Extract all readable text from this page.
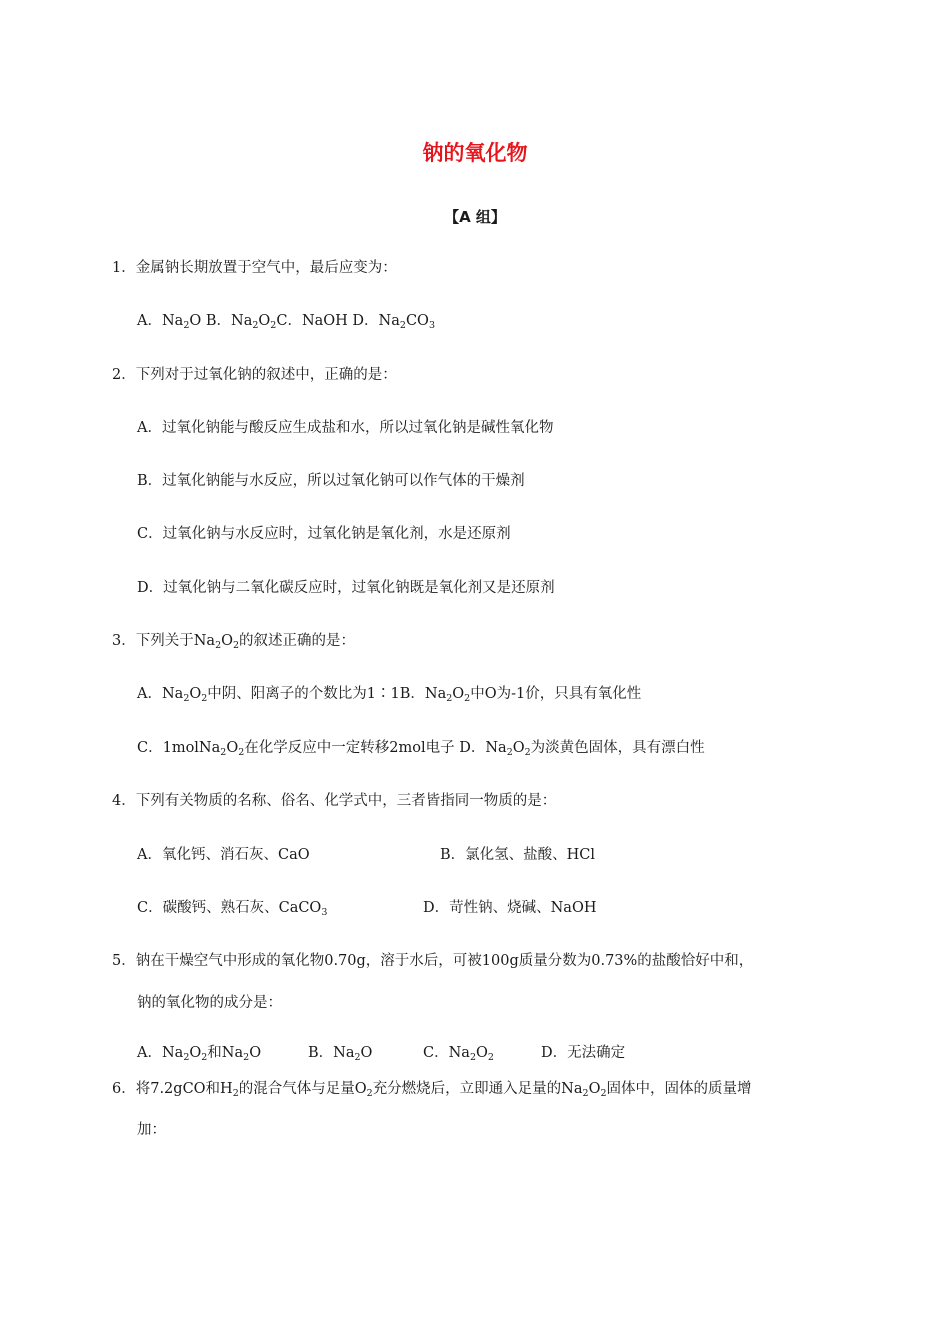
钠的氧化物
【A 组】
1．金属钠长期放置于空气中，最后应变为：
A．$Na_2O$ B．$Na_2O_2C$．NaOH D．$Na_2CO_3$
2．下列对于过氧化钠的叙述中，正确的是：
A．过氧化钠能与酸反应生成盐和水，所以过氧化钠是碱性氧化物
B．过氧化钠能与水反应，所以过氧化钠可以作气体的干燥剂
C．过氧化钠与水反应时，过氧化钠是氧化剂，水是还原剂
D．过氧化钠与二氧化碳反应时，过氧化钠既是氧化剂又是还原剂
3．下列关于$Na_2O_2$的叙述正确的是：
A．$Na_2O_2$中阴、阳离子的个数比为1∶1B．$Na_2O_2$中O为-1价，只具有氧化性
C．$1molNa_2O_2$在化学反应中一定转移2mol电子 D．$Na_2O_2$为淡黄色固体，具有漂白性
4．下列有关物质的名称、俗名、化学式中，三者皆指同一物质的是：
A．氧化钙、消石灰、CaO	B．氯化氢、盐酸、HCl
C．碳酸钙、熟石灰、CaCO$_3$	D．苛性钠、烧碱、NaOH
5．钠在干燥空气中形成的氧化物0.70g，溶于水后，可被100g质量分数为0.73%的盐酸恰好中和，
钠的氧化物的成分是：
A．$Na_2O_2$和$Na_2O$	B．$Na_2O$	C．$Na_2O_2$	D．无法确定
6．将7.2gCO和$H_2$的混合气体与足量$O_2$充分燃烧后，立即通入足量的$Na_2O_2$固体中，固体的质量增
加：
